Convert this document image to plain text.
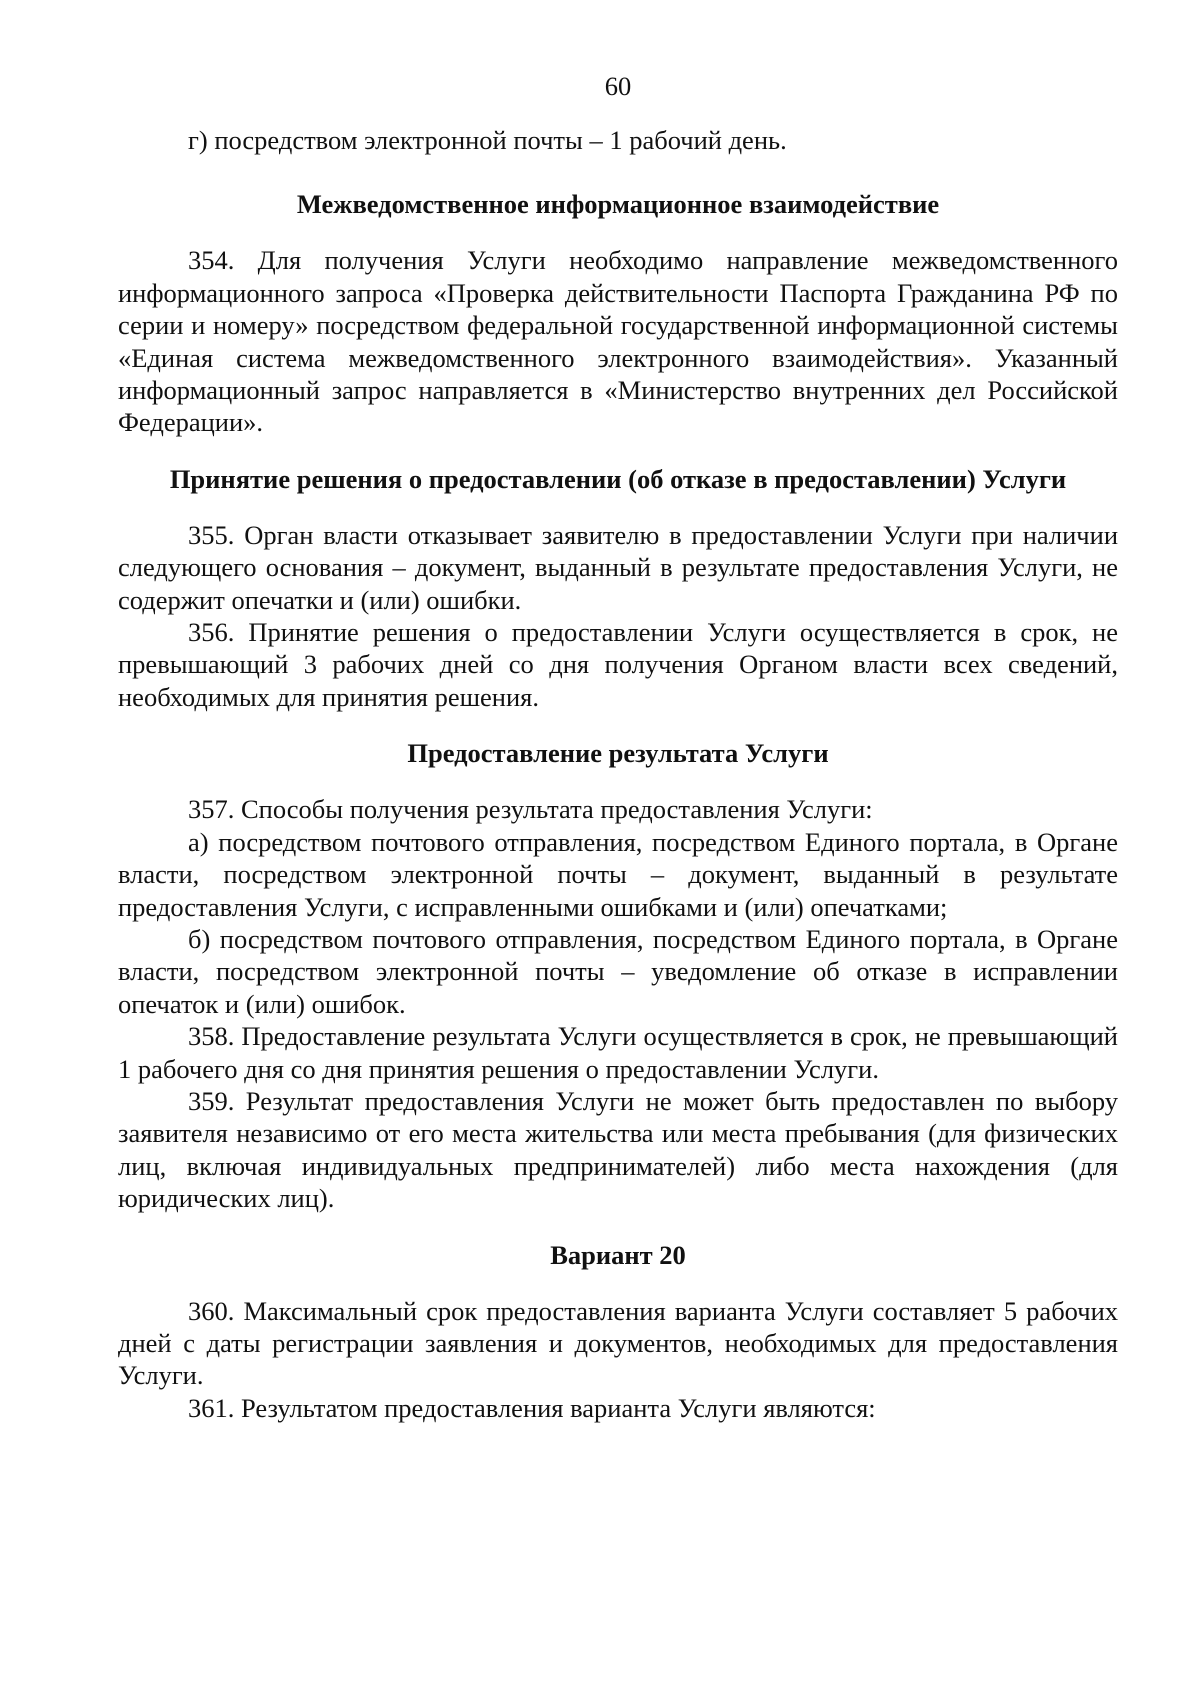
60

г) посредством электронной почты – 1 рабочий день.

Межведомственное информационное взаимодействие

354. Для получения Услуги необходимо направление межведомственного информационного запроса «Проверка действительности Паспорта Гражданина РФ по серии и номеру» посредством федеральной государственной информационной системы «Единая система межведомственного электронного взаимодействия». Указанный информационный запрос направляется в «Министерство внутренних дел Российской Федерации».

Принятие решения о предоставлении (об отказе в предоставлении) Услуги

355. Орган власти отказывает заявителю в предоставлении Услуги при наличии следующего основания – документ, выданный в результате предоставления Услуги, не содержит опечатки и (или) ошибки.

356. Принятие решения о предоставлении Услуги осуществляется в срок, не превышающий 3 рабочих дней со дня получения Органом власти всех сведений, необходимых для принятия решения.

Предоставление результата Услуги

357. Способы получения результата предоставления Услуги:

а) посредством почтового отправления, посредством Единого портала, в Органе власти, посредством электронной почты – документ, выданный в результате предоставления Услуги, с исправленными ошибками и (или) опечатками;

б) посредством почтового отправления, посредством Единого портала, в Органе власти, посредством электронной почты – уведомление об отказе в исправлении опечаток и (или) ошибок.

358. Предоставление результата Услуги осуществляется в срок, не превышающий 1 рабочего дня со дня принятия решения о предоставлении Услуги.

359. Результат предоставления Услуги не может быть предоставлен по выбору заявителя независимо от его места жительства или места пребывания (для физических лиц, включая индивидуальных предпринимателей) либо места нахождения (для юридических лиц).

Вариант 20

360. Максимальный срок предоставления варианта Услуги составляет 5 рабочих дней с даты регистрации заявления и документов, необходимых для предоставления Услуги.

361. Результатом предоставления варианта Услуги являются:
